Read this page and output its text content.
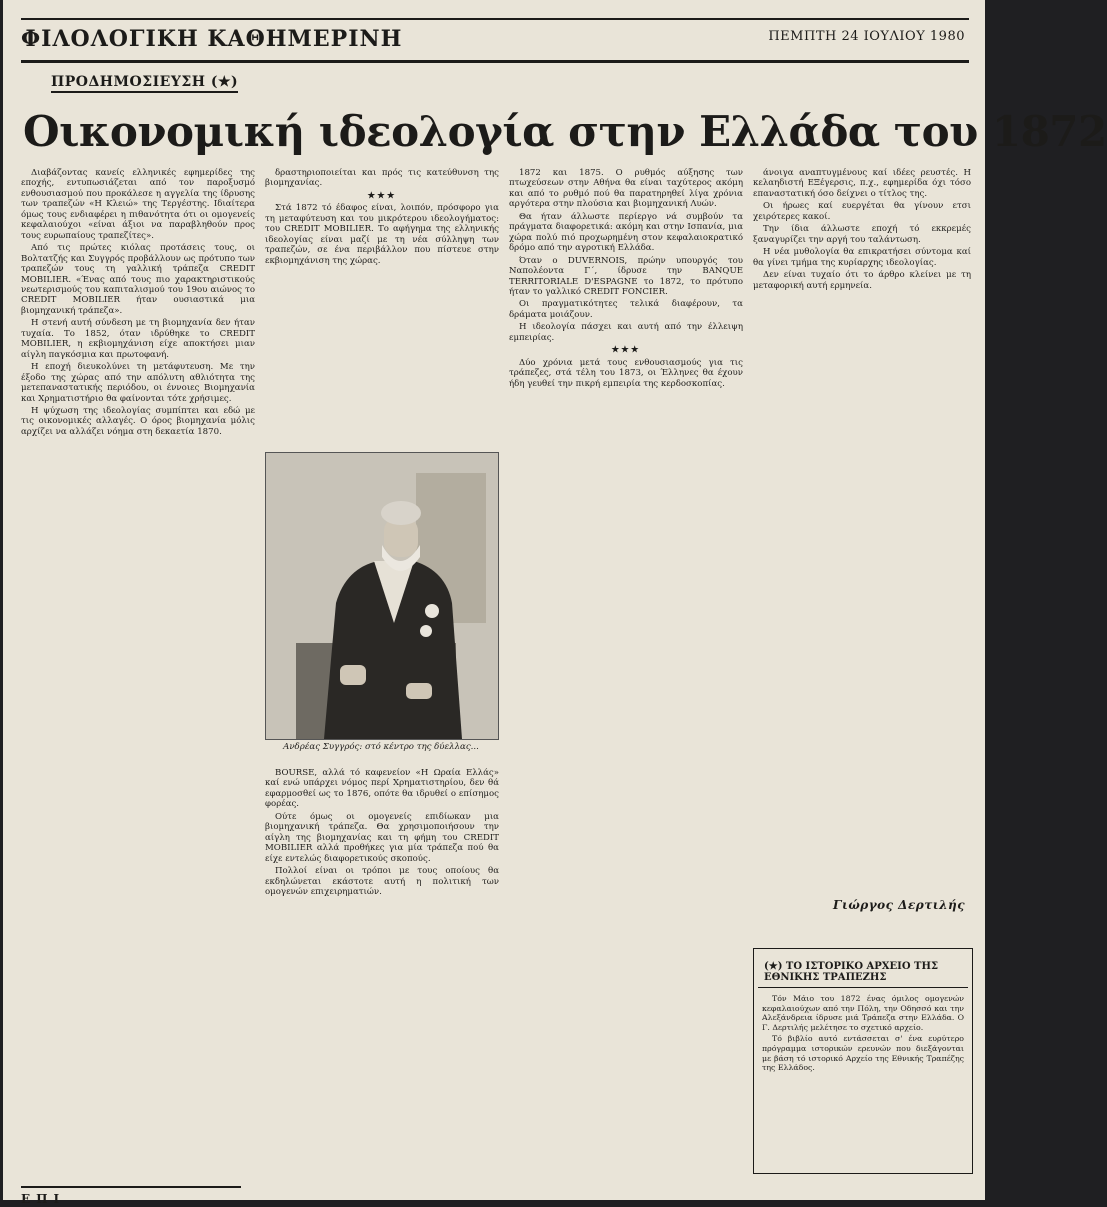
ΦΙΛΟΛΟΓΙΚΗ ΚΑΘΗΜΕΡΙΝΗ	ΠΕΜΠΤΗ 24 ΙΟΥΛΙΟΥ 1980
ΠΡΟΔΗΜΟΣΙΕΥΣΗ (★)
Οικονομική ιδεολογία στην Ελλάδα του 1872

Διαβάζοντας κανείς ελληνικές εφημερίδες της εποχής, εντυπωσιάζεται από τον παροξυσμό ενθουσιασμού που προκάλεσε η αγγελία της ίδρυσης των τραπεζών «Η Κλειώ» της Τεργέστης. Ιδιαίτερα όμως τους ενδιαφέρει η πιθανότητα ότι οι ομογενείς κεφαλαιούχοι «είναι άξιοι να παραβληθούν προς τους ευρωπαίους τραπεζίτες».

Από τις πρώτες κιόλας προτάσεις τους, οι Βολτατζής και Συγγρός προβάλλουν ως πρότυπο των τραπεζών τους τη γαλλική τράπεζα CREDIT MOBILIER. «Ένας από τους πιο χαρακτηριστικούς νεωτερισμούς του καπιταλισμού του 19ου αιώνος το CREDIT MOBILIER ήταν ουσιαστικά μια βιομηχανική τράπεζα».

Η στενή αυτή σύνδεση με τη βιομηχανία δεν ήταν τυχαία. Το 1852, όταν ιδρύθηκε το CREDIT MOBILIER, η εκβιομηχάνιση είχε αποκτήσει μιαν αίγλη παγκόσμια και πρωτοφανή.

Η εποχή διευκολύνει τη μετάφυτευση. Με την έξοδο της χώρας από την απόλυτη αθλιότητα της μετεπαναστατικής περιόδου, οι έννοιες Βιομηχανία και Χρηματιστήριο θα φαίνονται τότε χρήσιμες.

Η ψύχωση της ιδεολογίας συμπίπτει και εδώ με τις οικονομικές αλλαγές. Ο όρος βιομηχανία μόλις αρχίζει να αλλάζει νόημα στη δεκαετία 1870.

δραστηριοποιείται και πρός τις κατεύθυνση της βιομηχανίας.

★★★

Στά 1872 τό έδαφος είναι, λοιπόν, πρόσφορο για τη μεταφύτευση και του μικρότερου ιδεολογήματος: του CREDIT MOBILIER. Το αφήγημα της ελληνικής ιδεολογίας είναι μαζί με τη νέα σύλληψη των τραπεζών, σε ένα περιβάλλον που πίστευε στην εκβιομηχάνιση της χώρας.

Ανδρέας Συγγρός: στό κέντρο της δύελλας...

BOURSE, αλλά τό καφενείον «Η Ωραία Ελλάς» καί ενώ υπάρχει νόμος περί Χρηματιστηρίου, δεν θά εφαρμοσθεί ως το 1876, οπότε θα ιδρυθεί ο επίσημος φορέας.

Ούτε όμως οι ομογενείς επιδίωκαν μια βιομηχανική τράπεζα. Θα χρησιμοποιήσουν την αίγλη της βιομηχανίας και τη φήμη του CREDIT MOBILIER αλλά προθήκες για μία τράπεζα πού θα είχε εντελώς διαφορετικούς σκοπούς.

Πολλοί είναι οι τρόποι με τους οποίους θα εκδηλώνεται εκάστοτε αυτή η πολιτική των ομογενών επιχειρηματιών.

1872 και 1875. Ο ρυθμός αύξησης των πτωχεύσεων στην Αθήνα θα είναι ταχύτερος ακόμη και από το ρυθμό πού θα παρατηρηθεί λίγα χρόνια αργότερα στην πλούσια και βιομηχανική Λυών.

Θα ήταν άλλωστε περίεργο νά συμβούν τα πράγματα διαφορετικά: ακόμη και στην Ισπανία, μια χώρα πολύ πιό προχωρημένη στον κεφαλαιοκρατικό δρόμο από την αγροτική Ελλάδα.

Όταν ο DUVERNOIS, πρώην υπουργός του Ναπολέοντα Γ΄, ίδρυσε την BANQUE TERRITORIALE D'ESPAGNE το 1872, το πρότυπο ήταν το γαλλικό CREDIT FONCIER.

Οι πραγματικότητες τελικά διαφέρουν, τα δράματα μοιάζουν.

Η ιδεολογία πάσχει και αυτή από την έλλειψη εμπειρίας.

★★★

Δύο χρόνια μετά τους ενθουσιασμούς για τις τράπεζες, στά τέλη του 1873, οι Έλληνες θα έχουν ήδη γευθεί την πικρή εμπειρία της κερδοσκοπίας.

άνοιγα αναπτυγμένους καί ιδέες ρευστές. Η κελαηδιστή ΕΞέγερσις, π.χ., εφημερίδα όχι τόσο επαναστατική όσο δείχνει ο τίτλος της.

Οι ήρωες καί ευεργέται θα γίνουν ετσι χειρότερες κακοί.

Την ίδια άλλωστε εποχή τό εκκρεμές ξαναγυρίζει την αργή του ταλάντωση.

Η νέα μυθολογία θα επικρατήσει σύντομα καί θα γίνει τμήμα της κυρίαρχης ιδεολογίας.

Δεν είναι τυχαίο ότι το άρθρο κλείνει με τη μεταφορική αυτή ερμηνεία.

Γιώργος Δερτιλής
(★) ΤΟ ΙΣΤΟΡΙΚΟ ΑΡΧΕΙΟ ΤΗΣ ΕΘΝΙΚΗΣ ΤΡΑΠΕΖΗΣ

Τόν Μάιο του 1872 ένας όμιλος ομογενών κεφαλαιούχων από την Πόλη, την Οδησσό και την Αλεξάνδρεια ίδρυσε μιά Τράπεζα στην Ελλάδα. Ο Γ. Δερτιλής μελέτησε το σχετικό αρχείο.

Τό βιβλίο αυτό εντάσσεται σ' ένα ευρύτερο πρόγραμμα ιστορικών ερευνών που διεξάγονται με βάση τό ιστορικό Αρχείο της Εθνικής Τραπέζης της Ελλάδος.

ΕΠΙ
